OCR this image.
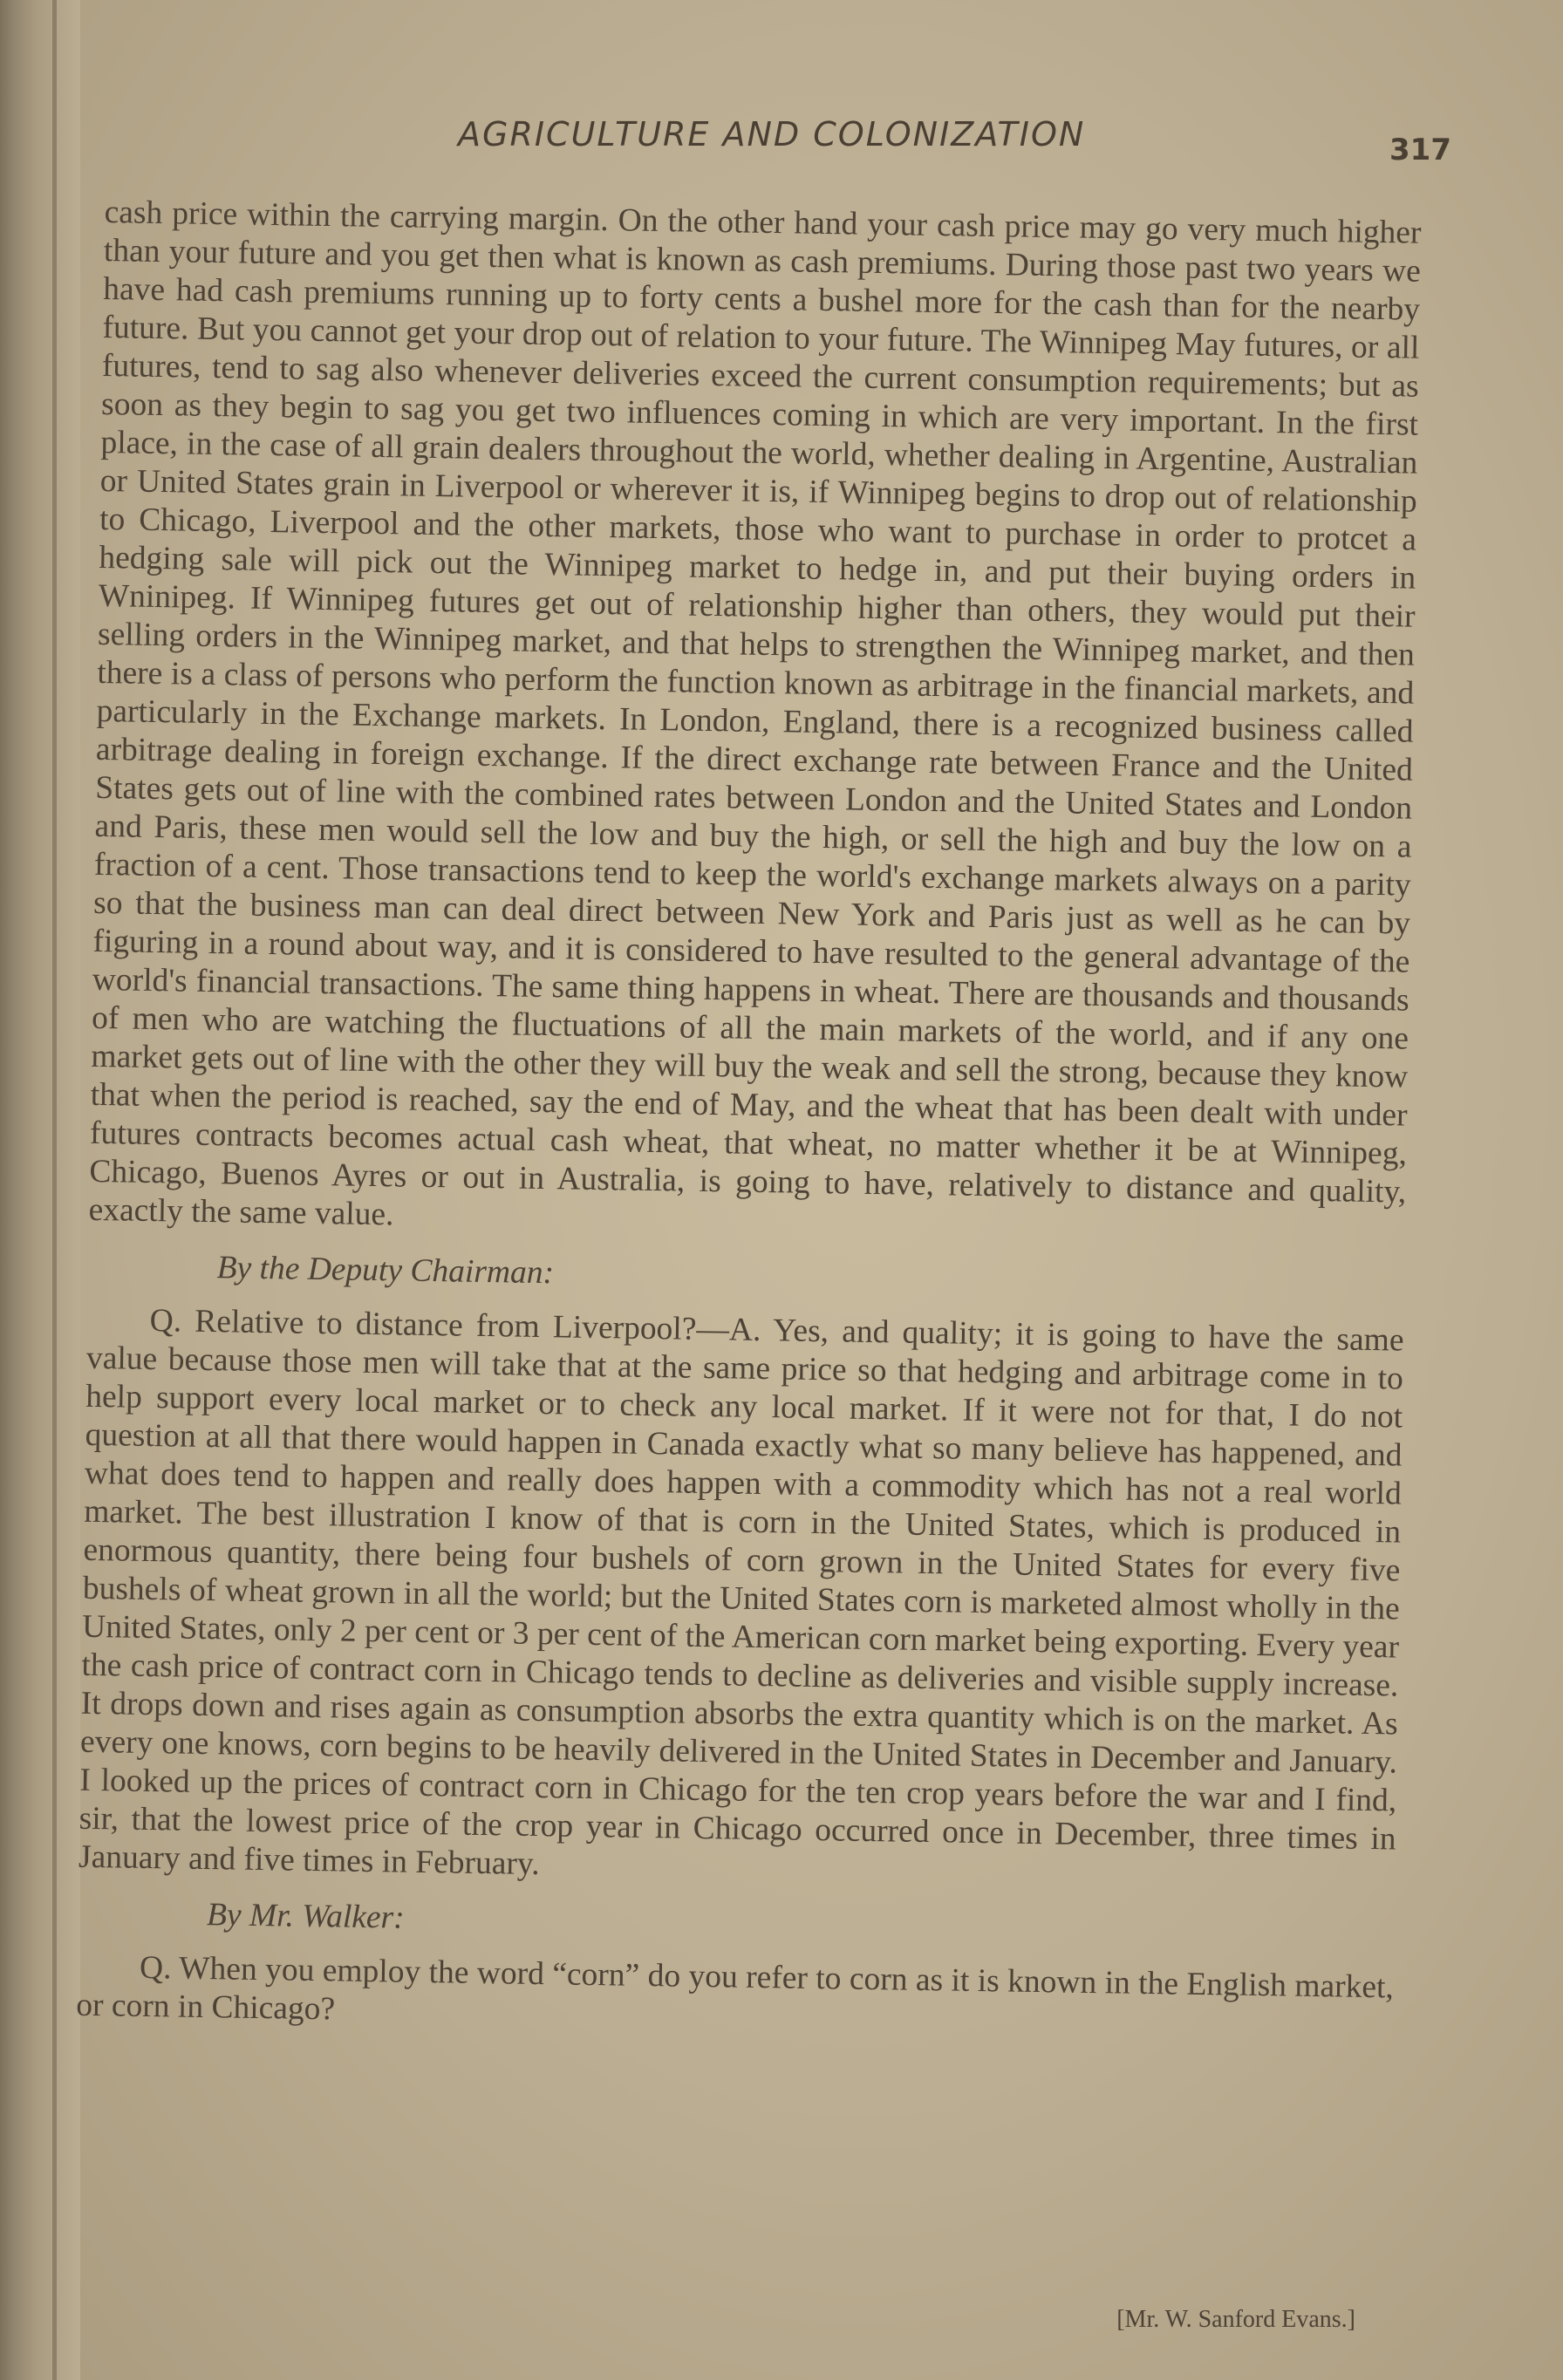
AGRICULTURE AND COLONIZATION	317

cash price within the carrying margin. On the other hand your cash price may go very much higher than your future and you get then what is known as cash premiums. During those past two years we have had cash premiums running up to forty cents a bushel more for the cash than for the nearby future. But you cannot get your drop out of relation to your future. The Winnipeg May futures, or all futures, tend to sag also whenever deliveries exceed the current consumption requirements; but as soon as they begin to sag you get two influences coming in which are very important. In the first place, in the case of all grain dealers throughout the world, whether dealing in Argentine, Australian or United States grain in Liverpool or wherever it is, if Winnipeg begins to drop out of relationship to Chicago, Liverpool and the other markets, those who want to purchase in order to protcet a hedging sale will pick out the Winnipeg market to hedge in, and put their buying orders in Wninipeg. If Winnipeg futures get out of relationship higher than others, they would put their selling orders in the Winnipeg market, and that helps to strengthen the Winnipeg market, and then there is a class of persons who perform the function known as arbitrage in the financial markets, and particularly in the Exchange markets. In London, England, there is a recognized business called arbitrage dealing in foreign exchange. If the direct exchange rate between France and the United States gets out of line with the combined rates between London and the United States and London and Paris, these men would sell the low and buy the high, or sell the high and buy the low on a fraction of a cent. Those transactions tend to keep the world's exchange markets always on a parity so that the business man can deal direct between New York and Paris just as well as he can by figuring in a round about way, and it is considered to have resulted to the general advantage of the world's financial transactions. The same thing happens in wheat. There are thousands and thousands of men who are watching the fluctuations of all the main markets of the world, and if any one market gets out of line with the other they will buy the weak and sell the strong, because they know that when the period is reached, say the end of May, and the wheat that has been dealt with under futures contracts becomes actual cash wheat, that wheat, no matter whether it be at Winnipeg, Chicago, Buenos Ayres or out in Australia, is going to have, relatively to distance and quality, exactly the same value.

By the Deputy Chairman:

Q. Relative to distance from Liverpool?—A. Yes, and quality; it is going to have the same value because those men will take that at the same price so that hedging and arbitrage come in to help support every local market or to check any local market. If it were not for that, I do not question at all that there would happen in Canada exactly what so many believe has happened, and what does tend to happen and really does happen with a commodity which has not a real world market. The best illustration I know of that is corn in the United States, which is produced in enormous quantity, there being four bushels of corn grown in the United States for every five bushels of wheat grown in all the world; but the United States corn is marketed almost wholly in the United States, only 2 per cent or 3 per cent of the American corn market being exporting. Every year the cash price of contract corn in Chicago tends to decline as deliveries and visible supply increase. It drops down and rises again as consumption absorbs the extra quantity which is on the market. As every one knows, corn begins to be heavily delivered in the United States in December and January. I looked up the prices of contract corn in Chicago for the ten crop years before the war and I find, sir, that the lowest price of the crop year in Chicago occurred once in December, three times in January and five times in February.

By Mr. Walker:

Q. When you employ the word “corn” do you refer to corn as it is known in the English market, or corn in Chicago?

[Mr. W. Sanford Evans.]
